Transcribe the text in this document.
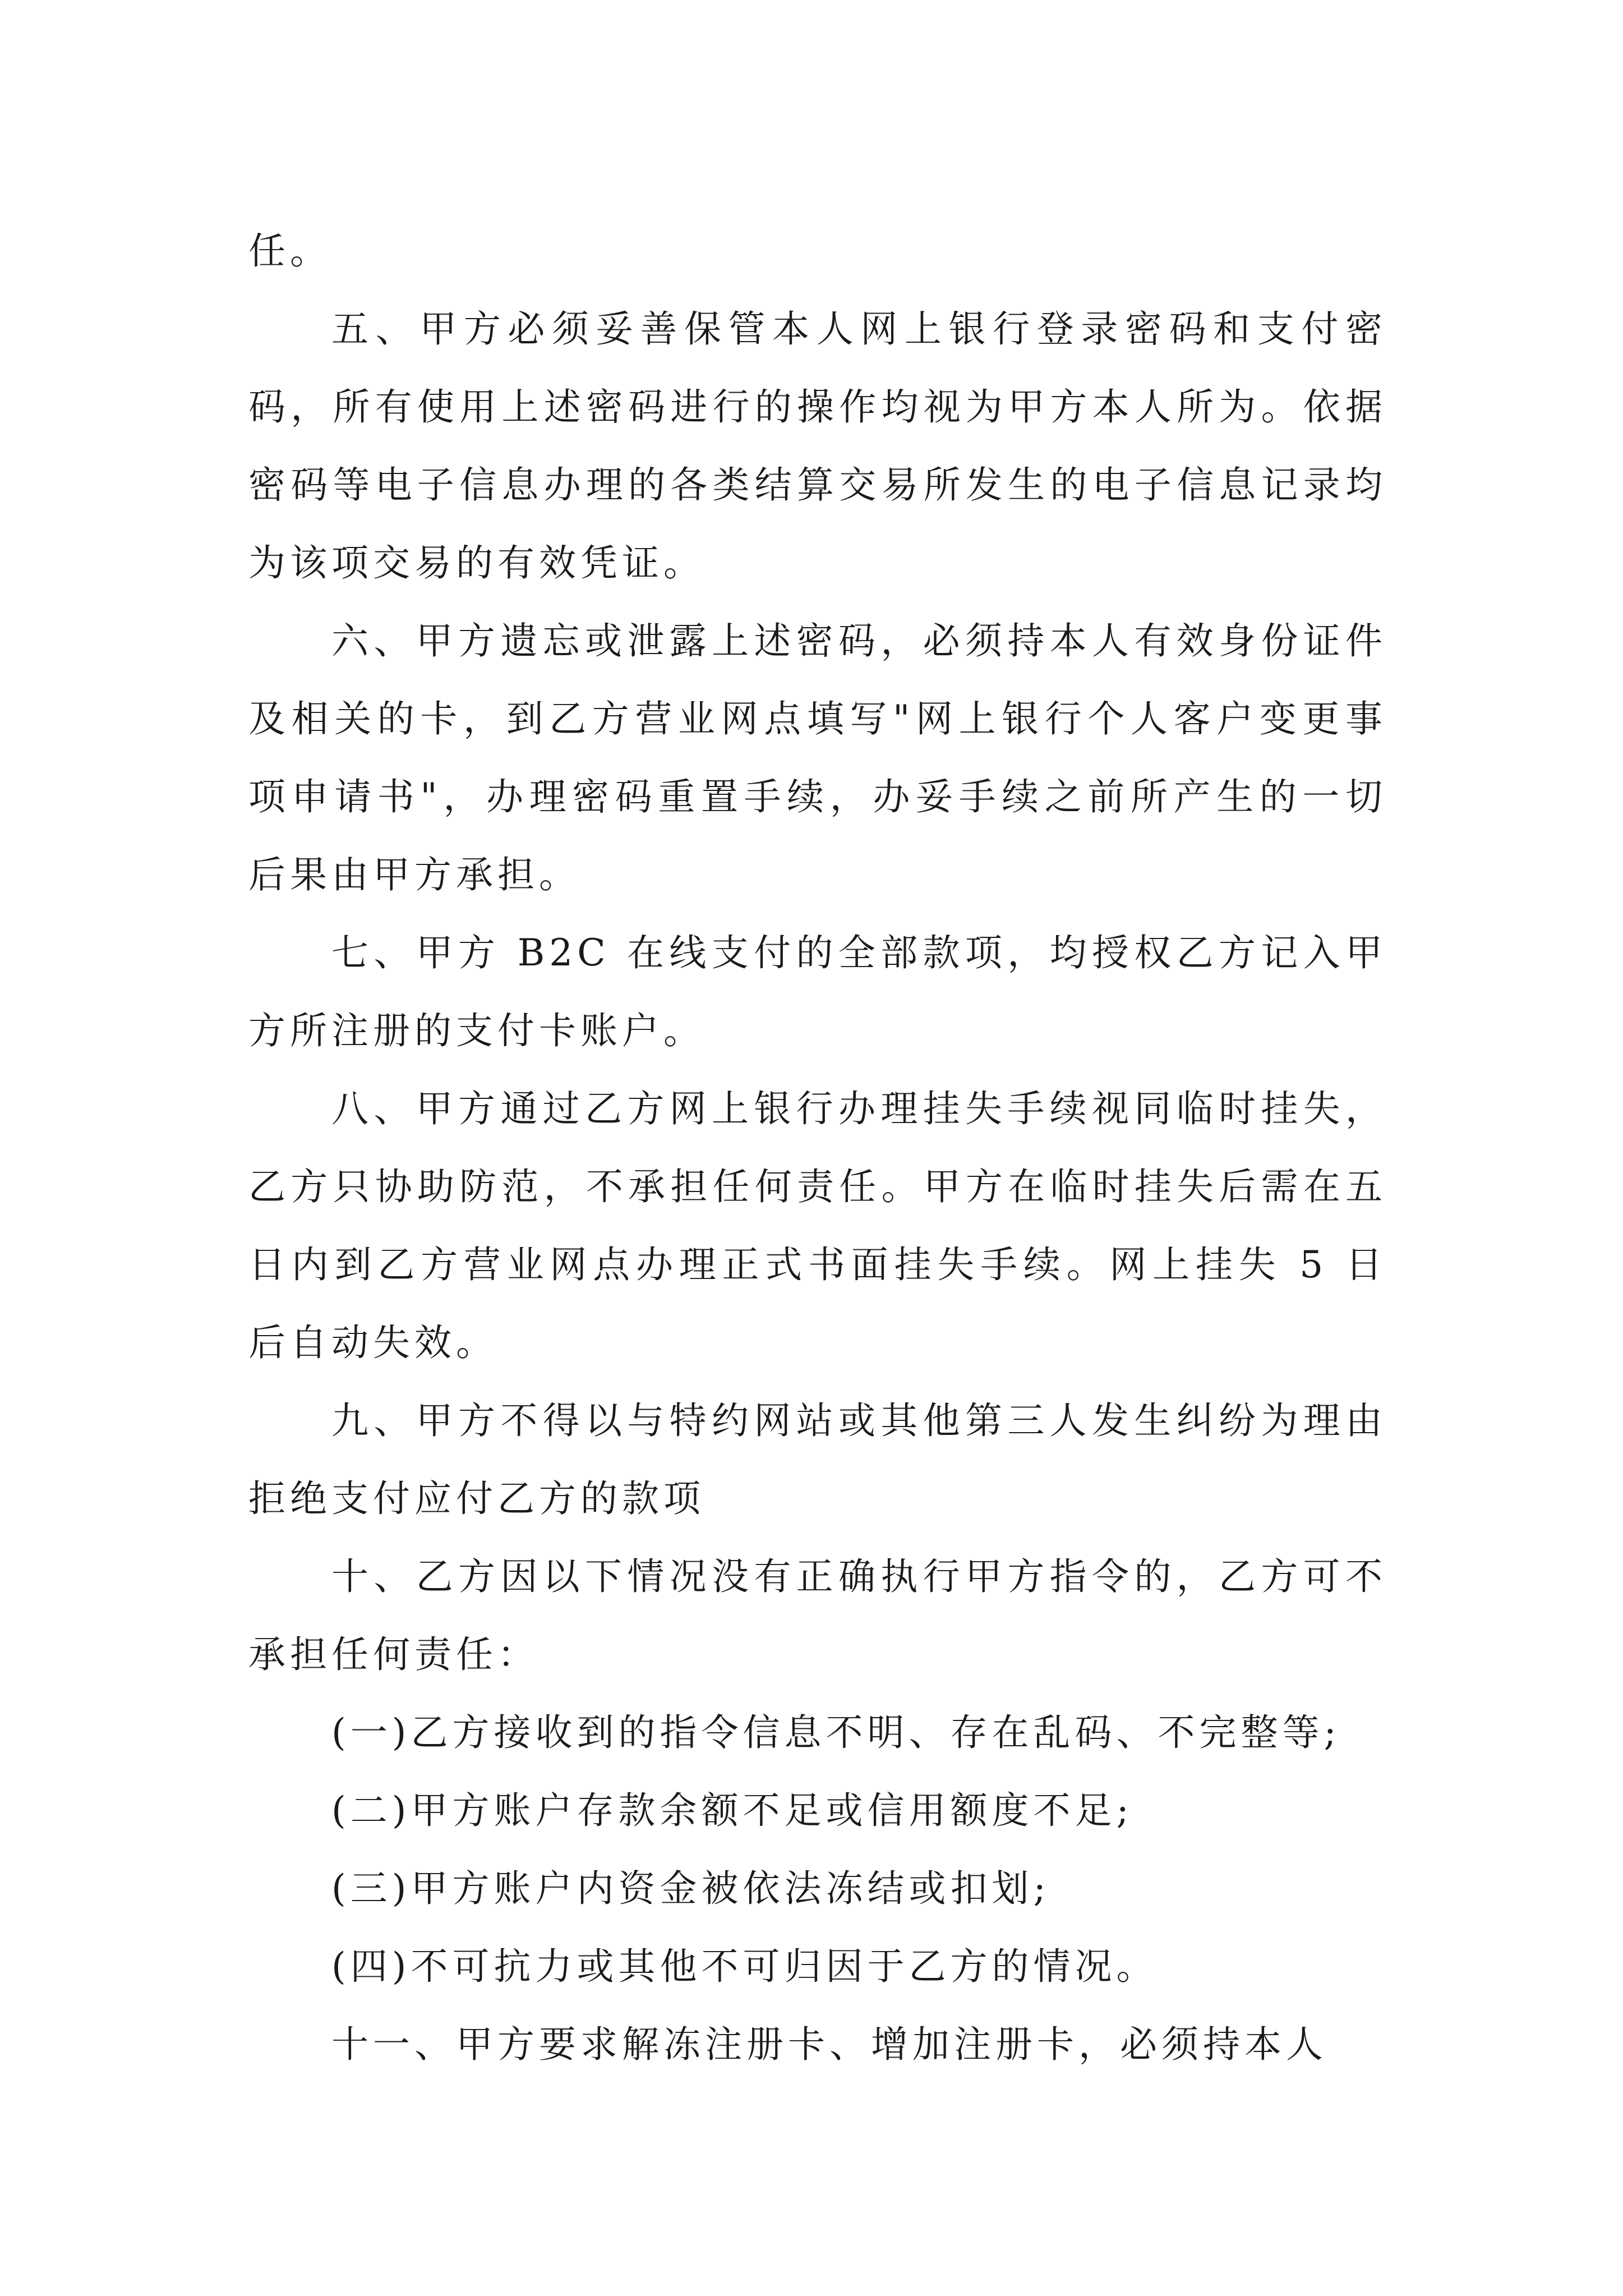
任。

五、甲方必须妥善保管本人网上银行登录密码和支付密码，所有使用上述密码进行的操作均视为甲方本人所为。依据密码等电子信息办理的各类结算交易所发生的电子信息记录均为该项交易的有效凭证。

六、甲方遗忘或泄露上述密码，必须持本人有效身份证件及相关的卡，到乙方营业网点填写"网上银行个人客户变更事项申请书"，办理密码重置手续，办妥手续之前所产生的一切后果由甲方承担。

七、甲方 B2C 在线支付的全部款项，均授权乙方记入甲方所注册的支付卡账户。

八、甲方通过乙方网上银行办理挂失手续视同临时挂失，乙方只协助防范，不承担任何责任。甲方在临时挂失后需在五日内到乙方营业网点办理正式书面挂失手续。网上挂失 5 日后自动失效。

九、甲方不得以与特约网站或其他第三人发生纠纷为理由拒绝支付应付乙方的款项

十、乙方因以下情况没有正确执行甲方指令的，乙方可不承担任何责任：

(一)乙方接收到的指令信息不明、存在乱码、不完整等;

(二)甲方账户存款余额不足或信用额度不足;

(三)甲方账户内资金被依法冻结或扣划;

(四)不可抗力或其他不可归因于乙方的情况。

十一、甲方要求解冻注册卡、增加注册卡，必须持本人
